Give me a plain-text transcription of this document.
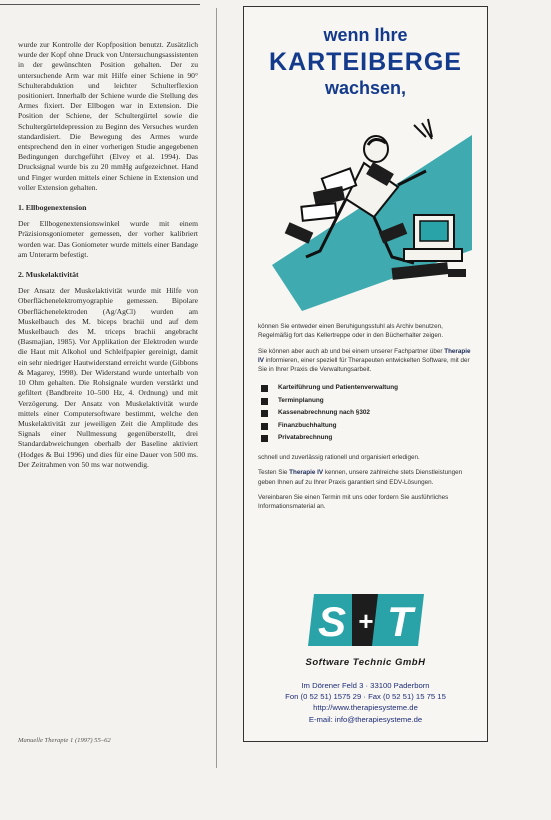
wurde zur Kontrolle der Kopfposition benutzt. Zusätzlich wurde der Kopf ohne Druck von Untersuchungsassistenten in der gewünschten Position gehalten. Der zu untersuchende Arm war mit Hilfe einer Schiene in 90° Schulterabduktion und leichter Schulterflexion positioniert. Innerhalb der Schiene wurde die Stellung des Armes fixiert. Der Ellbogen war in Extension. Die Position der Schiene, der Schultergürtel sowie die Schultergürteldepression zu Beginn des Versuches wurden standardisiert. Die Bewegung des Armes wurde entsprechend den in einer vorherigen Studie angegebenen Bedingungen durchgeführt (Elvey et al. 1994). Das Drucksignal wurde bis zu 20 mmHg aufgezeichnet. Hand und Finger wurden mittels einer Schiene in Extension und voller Extension gehalten.

1. Ellbogenextension

Der Ellbogenextensionswinkel wurde mit einem Präzisionsgoniometer gemessen, der vorher kalibriert worden war. Das Goniometer wurde mittels einer Bandage am Unterarm befestigt.

2. Muskelaktivität

Der Ansatz der Muskelaktivität wurde mit Hilfe von Oberflächenelektromyographie gemessen. Bipolare Oberflächenelektroden (Ag/AgCl) wurden am Muskelbauch des M. biceps brachii und auf dem Muskelbauch des M. triceps brachii angebracht (Basmajian, 1985). Vor Applikation der Elektroden wurde die Haut mit Alkohol und Schleifpapier gereinigt, damit ein sehr niedriger Hautwiderstand erreicht wurde (Gibbons & Magarey, 1998). Der Widerstand wurde unterhalb von 10 Ohm gehalten. Die Rohsignale wurden verstärkt und gefiltert (Bandbreite 10–500 Hz, 4. Ordnung) und mit Verzögerung. Der Ansatz von Muskelaktivität wurde mittels einer Computersoftware bestimmt, welche den Muskelaktivität zur jeweiligen Zeit die Amplitude des Signals einer Nullmessung gegenüberstellt, drei Standardabweichungen oberhalb der Baseline aktiviert (Hodges & Bui 1996) und dies für eine Dauer von 500 ms. Der Zeitrahmen von 50 ms war notwendig.

Manuelle Therapie 1 (1997) 55–62
wenn Ihre
KARTEIBERGE
wachsen,

können Sie entweder einen Beruhigungsstuhl als Archiv benutzen, Regelmäßig fort das Kellertreppe oder in den Bücherhalter zeigen.

Sie können aber auch ab und bei einem unserer Fachpartner über Therapie IV informieren, einer speziell für Therapeuten entwickelten Software, mit der Sie in Ihrer Praxis die Verwaltungsarbeit.

Karteiführung und Patientenverwaltung
Terminplanung
Kassenabrechnung nach §302
Finanzbuchhaltung
Privatabrechnung

schnell und zuverlässig rationell und organisiert erledigen.

Testen Sie Therapie IV kennen, unsere zahlreiche stets Dienstleistungen geben Ihnen auf zu Ihrer Praxis garantiert sind EDV-Lösungen.

Vereinbaren Sie einen Termin mit uns oder fordern Sie ausführliches Informationsmaterial an.

S + T
Software Technic GmbH
Im Dörener Feld 3 · 33100 Paderborn
Fon (0 52 51) 1575 29 · Fax (0 52 51) 15 75 15
http://www.therapiesysteme.de
E-mail: info@therapiesysteme.de
